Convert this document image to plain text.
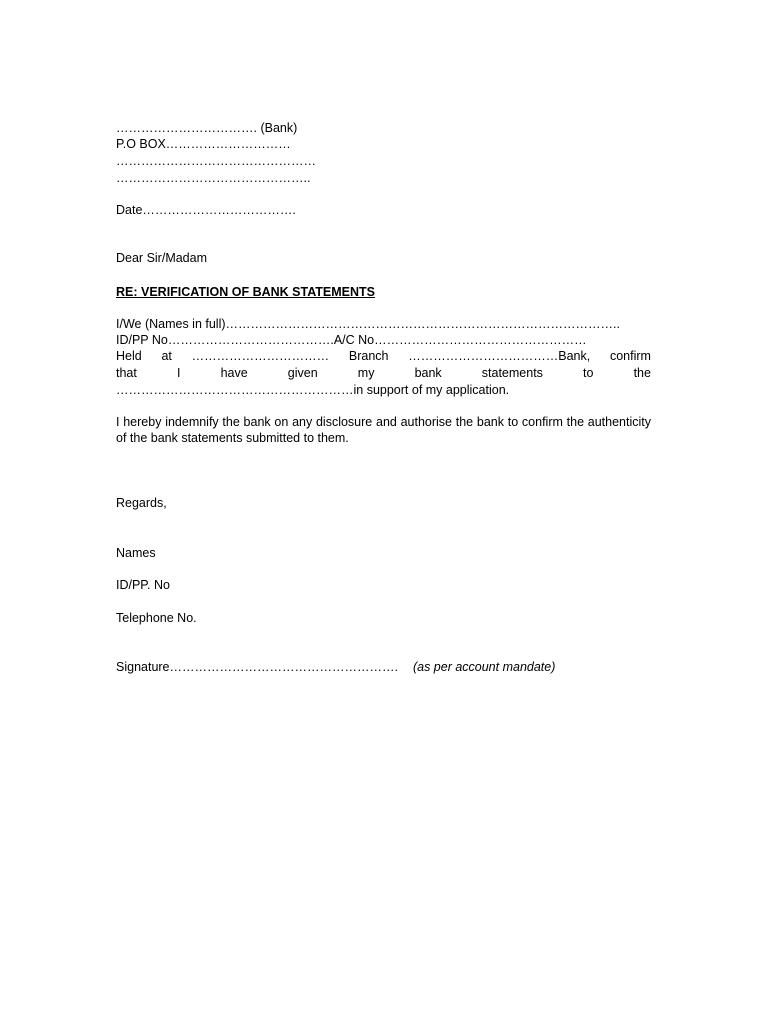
……………………………. (Bank)
P.O BOX…………………………
…………………………………………
………………………………………..
Date……………………………….
Dear Sir/Madam
RE: VERIFICATION OF BANK STATEMENTS
I/We (Names in full)…………………………………………………………………………………..
ID/PP No………………………………….A/C No……………………………………………
Held at …………………………… Branch ………………………………Bank, confirm
that	I	have	given	my	bank	statements	to	the
…………………………………………………in support of my application.
I hereby indemnify the bank on any disclosure and authorise the bank to confirm the authenticity of the bank statements submitted to them.
Regards,
Names
ID/PP. No
Telephone No.
Signature………………………………………………. (as per account mandate)
